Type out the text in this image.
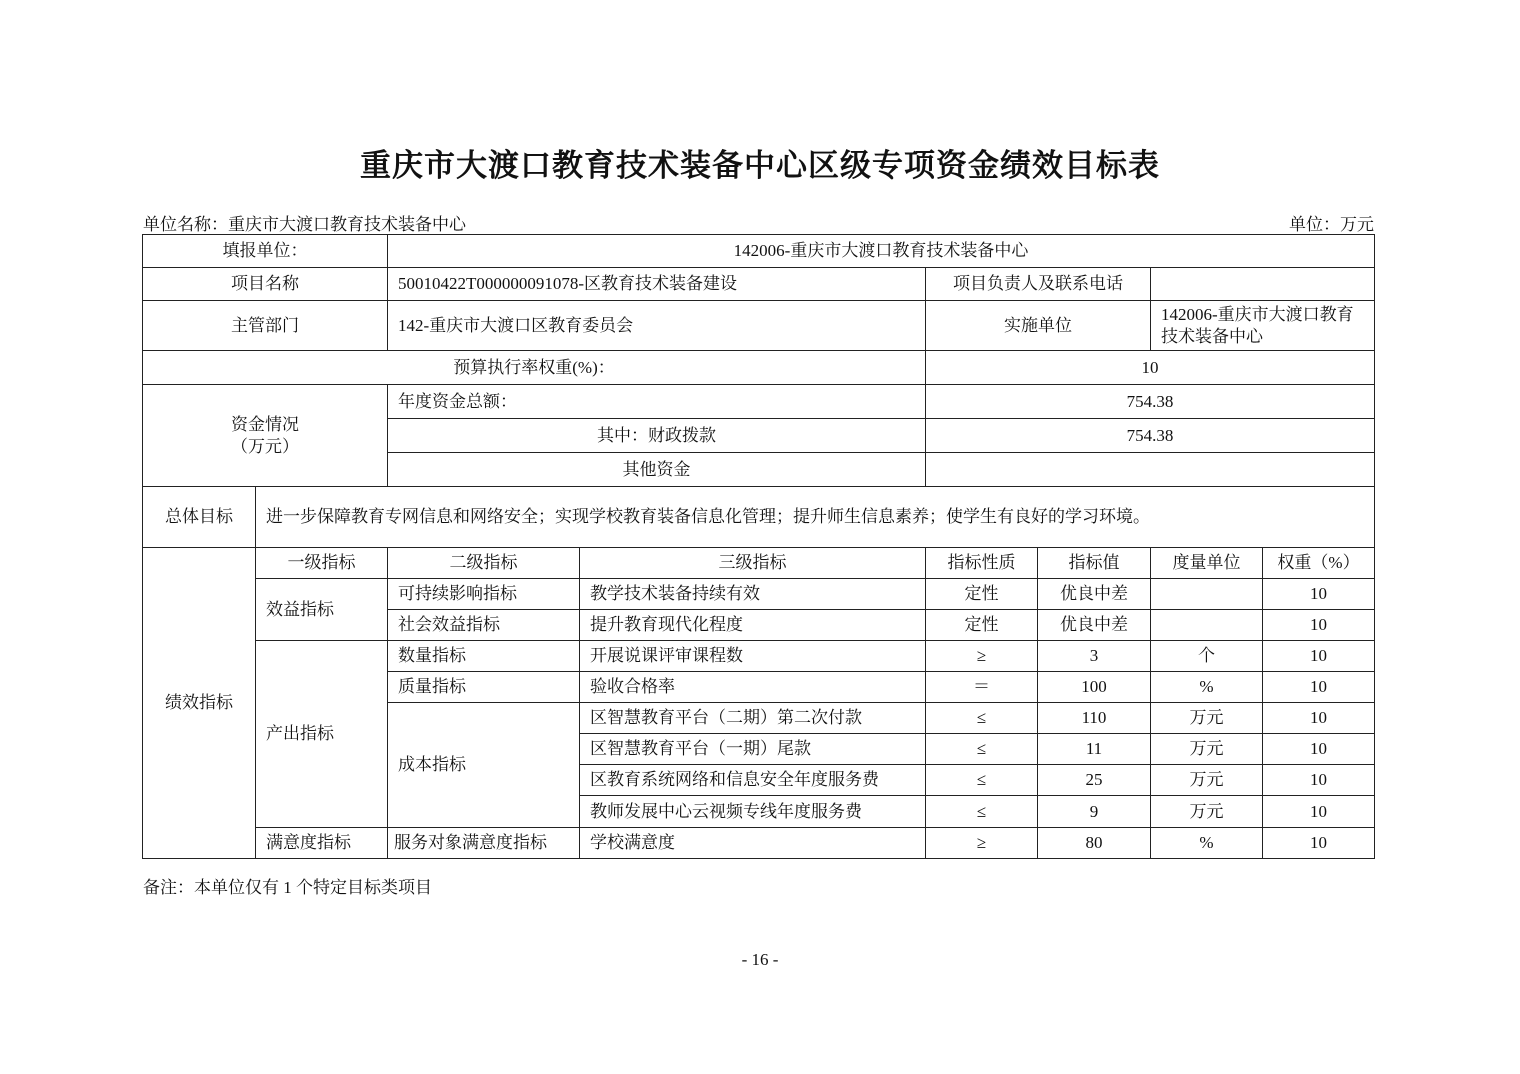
重庆市大渡口教育技术装备中心区级专项资金绩效目标表
单位名称：重庆市大渡口教育技术装备中心	单位：万元
填报单位：		142006-重庆市大渡口教育技术装备中心					
项目名称		50010422T000000091078-区教育技术装备建设		项目负责人及联系电话			
主管部门		142-重庆市大渡口区教育委员会		实施单位		142006-重庆市大渡口教育技术装备中心	
预算执行率权重(%)：				10			

资金情况
（万元）		年度资金总额：		754.38			
		其中：财政拨款		754.38			
		其他资金					
总体目标	进一步保障教育专网信息和网络安全；实现学校教育装备信息化管理；提升师生信息素养；使学生有良好的学习环境。						
绩效指标	一级指标	二级指标	三级指标	指标性质	指标值	度量单位	权重（%）
	效益指标	可持续影响指标	教学技术装备持续有效	定性	优良中差		10
		社会效益指标	提升教育现代化程度	定性	优良中差		10
	产出指标	数量指标	开展说课评审课程数	≥	3	个	10
		质量指标	验收合格率	＝	100	%	10
		成本指标	区智慧教育平台（二期）第二次付款	≤	110	万元	10
			区智慧教育平台（一期）尾款	≤	11	万元	10
			区教育系统网络和信息安全年度服务费	≤	25	万元	10
			教师发展中心云视频专线年度服务费	≤	9	万元	10
	满意度指标	服务对象满意度指标	学校满意度	≥	80	%	10
备注：本单位仅有 1 个特定目标类项目
- 16 -
